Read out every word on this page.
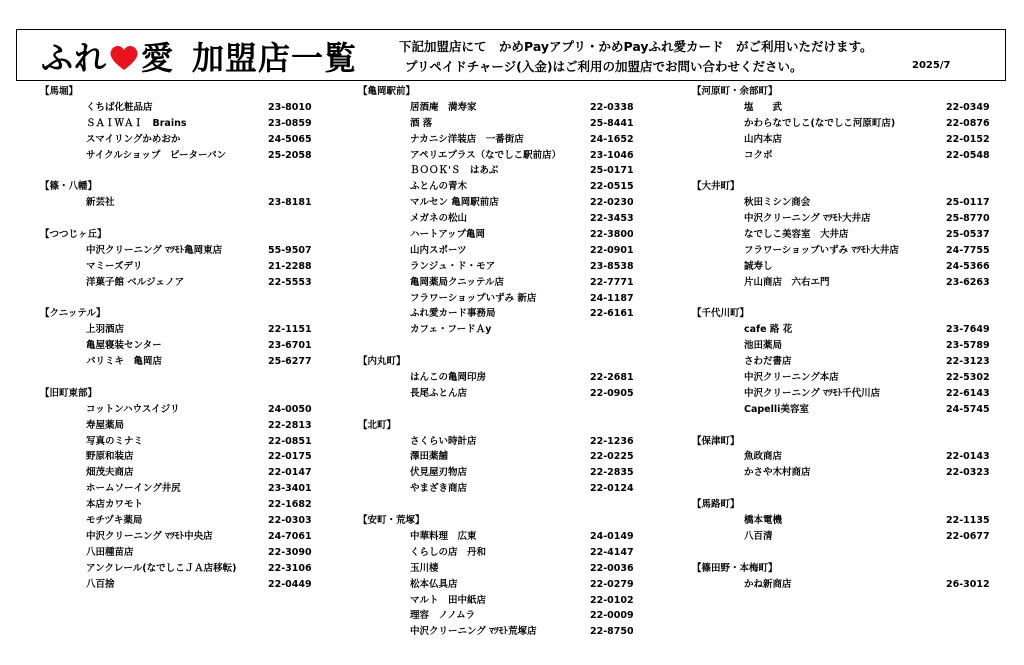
ふれ 愛 加盟店一覧	下記加盟店にて　かめPayアプリ・かめPayふれ愛カード　がご利用いただけます。
プリペイドチャージ(入金)はご利用の加盟店でお問い合わせください。	2025/7
【馬堀】
くちば化粧品店	23-8010
ＳＡＩＷＡＩ　Brains	23-0859
スマイリングかめおか	24-5065
サイクルショップ　ピーターパン	25-2058
【篠・八幡】
新芸社	23-8181
【つつじヶ丘】
中沢クリーニング ﾏﾂﾓﾄ亀岡東店	55-9507
マミーズデリ	21-2288
洋菓子館 ベルジェノア	22-5553
【クニッテル】
上羽酒店	22-1151
亀屋寝装センター	23-6701
パリミキ　亀岡店	25-6277
【旧町東部】
コットンハウスイジリ	24-0050
寿屋薬局	22-2813
写真のミナミ	22-0851
野原和装店	22-0175
畑茂夫商店	22-0147
ホームソーイング井尻	23-3401
本店カワモト	22-1682
モチヅキ薬局	22-0303
中沢クリーニング ﾏﾂﾓﾄ中央店	24-7061
八田種苗店	22-3090
アンクレール(なでしこＪＡ店移転)	22-3106
八百捨	22-0449
【亀岡駅前】
居酒庵　満寿家	22-0338
酒 落	25-8441
ナカニシ洋装店　一番街店	24-1652
アペリエプラス（なでしこ駅前店）	23-1046
ＢＯＯＫ'Ｓ　はあぶ	25-0171
ふとんの青木	22-0515
マルセン 亀岡駅前店	22-0230
メガネの松山	22-3453
ハートアップ亀岡	22-3800
山内スポーツ	22-0901
ランジュ・ド・モア	23-8538
亀岡薬局クニッテル店	22-7771
フラワーショップいずみ 新店	24-1187
ふれ愛カード事務局	22-6161
カフェ・フードＡy
【内丸町】
はんこの亀岡印房	22-2681
長尾ふとん店	22-0905
【北町】
さくらい時計店	22-1236
澤田薬舗	22-0225
伏見屋刃物店	22-2835
やまざき商店	22-0124
【安町・荒塚】
中華料理　広東	24-0149
くらしの店　丹和	22-4147
玉川楼	22-0036
松本仏具店	22-0279
マルト　田中紙店	22-0102
理容　ノノムラ	22-0009
中沢クリーニング ﾏﾂﾓﾄ荒塚店	22-8750
【河原町・余部町】
塩　　武	22-0349
かわらなでしこ(なでしこ河原町店)	22-0876
山内本店	22-0152
コクボ	22-0548
【大井町】
秋田ミシン商会	25-0117
中沢クリーニング ﾏﾂﾓﾄ大井店	25-8770
なでしこ美容室　大井店	25-0537
フラワーショップいずみ ﾏﾂﾓﾄ大井店	24-7755
誠寿し	24-5366
片山商店　六右エ門	23-6263
【千代川町】
cafe 路 花	23-7649
池田薬局	23-5789
さわだ書店	22-3123
中沢クリーニング本店	22-5302
中沢クリーニング ﾏﾂﾓﾄ千代川店	22-6143
Capelli美容室	24-5745
【保津町】
魚政商店	22-0143
かさや木村商店	22-0323
【馬路町】
橋本電機	22-1135
八百清	22-0677
【篠田野・本梅町】
かね新商店	26-3012
